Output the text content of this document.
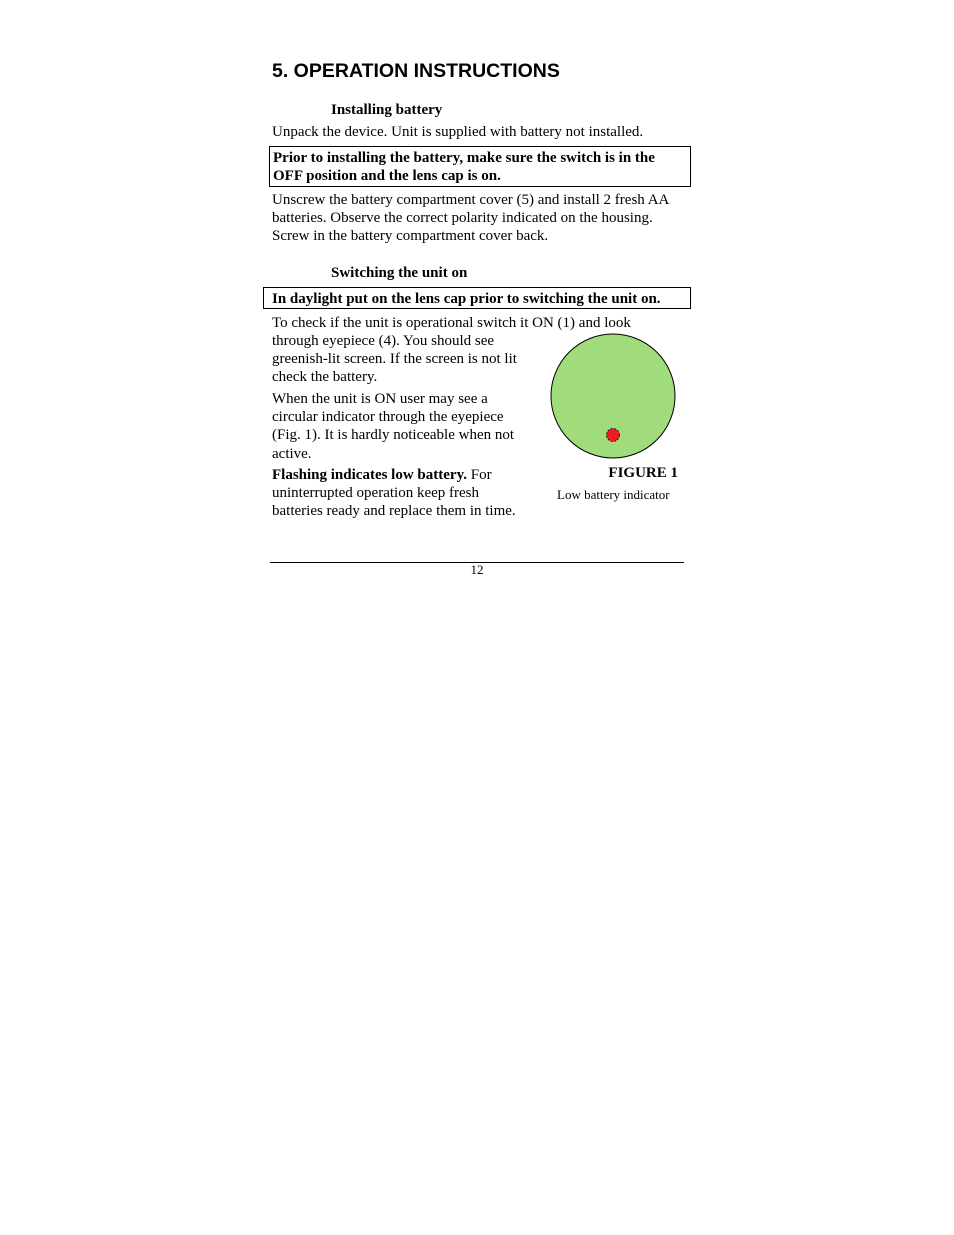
5. OPERATION INSTRUCTIONS
Installing battery
Unpack the device. Unit is supplied with battery not installed.
Prior to installing the battery, make sure the switch is in the OFF position and the lens cap is on.
Unscrew the battery compartment cover (5) and install 2 fresh AA batteries. Observe the correct polarity indicated on the housing. Screw in the battery compartment cover back.
Switching the unit on
In daylight put on the lens cap prior to switching the unit on.
To check if the unit is operational switch it ON (1) and look
through eyepiece (4). You should see greenish-lit screen. If the screen is not lit check the battery.
When the unit is ON user may see a circular indicator through the eyepiece (Fig. 1). It is hardly noticeable when not active.
Flashing indicates low battery. For uninterrupted operation keep fresh batteries ready and replace them in time.
FIGURE 1
Low battery indicator
12
